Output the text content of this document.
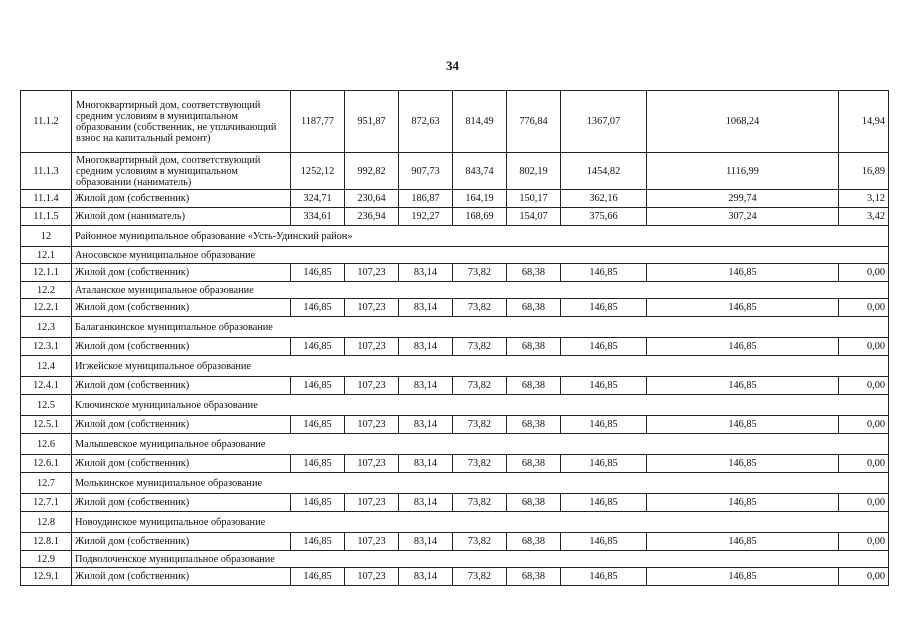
34
11.1.2	Многоквартирный дом, соответствующий средним условиям в муниципальном образовании (собственник, не уплачивающий взнос на капитальный ремонт)	1187,77	951,87	872,63	814,49	776,84	1367,07	1068,24	14,94
11.1.3	Многоквартирный дом, соответствующий средним условиям в муниципальном образовании (наниматель)	1252,12	992,82	907,73	843,74	802,19	1454,82	1116,99	16,89
11.1.4	Жилой дом (собственник)	324,71	230,64	186,87	164,19	150,17	362,16	299,74	3,12
11.1.5	Жилой дом (наниматель)	334,61	236,94	192,27	168,69	154,07	375,66	307,24	3,42
12	Районное муниципальное образование «Усть-Удинский район»								
12.1	Аносовское муниципальное образование								
12.1.1	Жилой дом (собственник)	146,85	107,23	83,14	73,82	68,38	146,85	146,85	0,00
12.2	Аталанское муниципальное образование								
12.2.1	Жилой дом (собственник)	146,85	107,23	83,14	73,82	68,38	146,85	146,85	0,00
12.3	Балаганкинское муниципальное образование								
12.3.1	Жилой дом (собственник)	146,85	107,23	83,14	73,82	68,38	146,85	146,85	0,00
12.4	Игжейское муниципальное образование								
12.4.1	Жилой дом (собственник)	146,85	107,23	83,14	73,82	68,38	146,85	146,85	0,00
12.5	Ключинское муниципальное образование								
12.5.1	Жилой дом (собственник)	146,85	107,23	83,14	73,82	68,38	146,85	146,85	0,00
12.6	Малышевское муниципальное образование								
12.6.1	Жилой дом (собственник)	146,85	107,23	83,14	73,82	68,38	146,85	146,85	0,00
12.7	Молькинское муниципальное образование								
12.7.1	Жилой дом (собственник)	146,85	107,23	83,14	73,82	68,38	146,85	146,85	0,00
12.8	Новоудинское муниципальное образование								
12.8.1	Жилой дом (собственник)	146,85	107,23	83,14	73,82	68,38	146,85	146,85	0,00
12.9	Подволоченское муниципальное образование								
12.9.1	Жилой дом (собственник)	146,85	107,23	83,14	73,82	68,38	146,85	146,85	0,00
